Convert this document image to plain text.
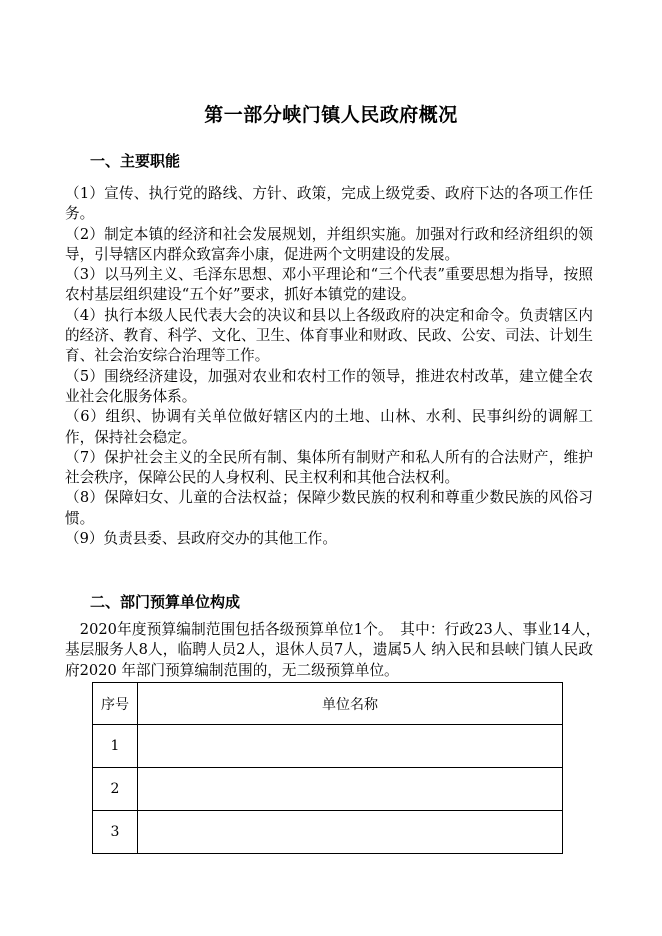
第一部分峡门镇人民政府概况
一、主要职能

（1）宣传、执行党的路线、方针、政策，完成上级党委、政府下达的各项工作任务。

（2）制定本镇的经济和社会发展规划，并组织实施。加强对行政和经济组织的领导，引导辖区内群众致富奔小康，促进两个文明建设的发展。

（3）以马列主义、毛泽东思想、邓小平理论和“三个代表”重要思想为指导，按照农村基层组织建设“五个好”要求，抓好本镇党的建设。

（4）执行本级人民代表大会的决议和县以上各级政府的决定和命令。负责辖区内的经济、教育、科学、文化、卫生、体育事业和财政、民政、公安、司法、计划生育、社会治安综合治理等工作。

（5）围绕经济建设，加强对农业和农村工作的领导，推进农村改革，建立健全农业社会化服务体系。

（6）组织、协调有关单位做好辖区内的土地、山林、水利、民事纠纷的调解工作，保持社会稳定。

（7）保护社会主义的全民所有制、集体所有制财产和私人所有的合法财产，维护社会秩序，保障公民的人身权利、民主权利和其他合法权利。

（8）保障妇女、儿童的合法权益；保障少数民族的权利和尊重少数民族的风俗习惯。

（9）负责县委、县政府交办的其他工作。

二、部门预算单位构成

　2020年度预算编制范围包括各级预算单位1个。　其中：行政23人、事业14人，　基层服务人8人，临聘人员2人，退休人员7人，遗属5人 纳入民和县峡门镇人民政府2020 年部门预算编制范围的，无二级预算单位。

序号	单位名称
1	
2	
3	
